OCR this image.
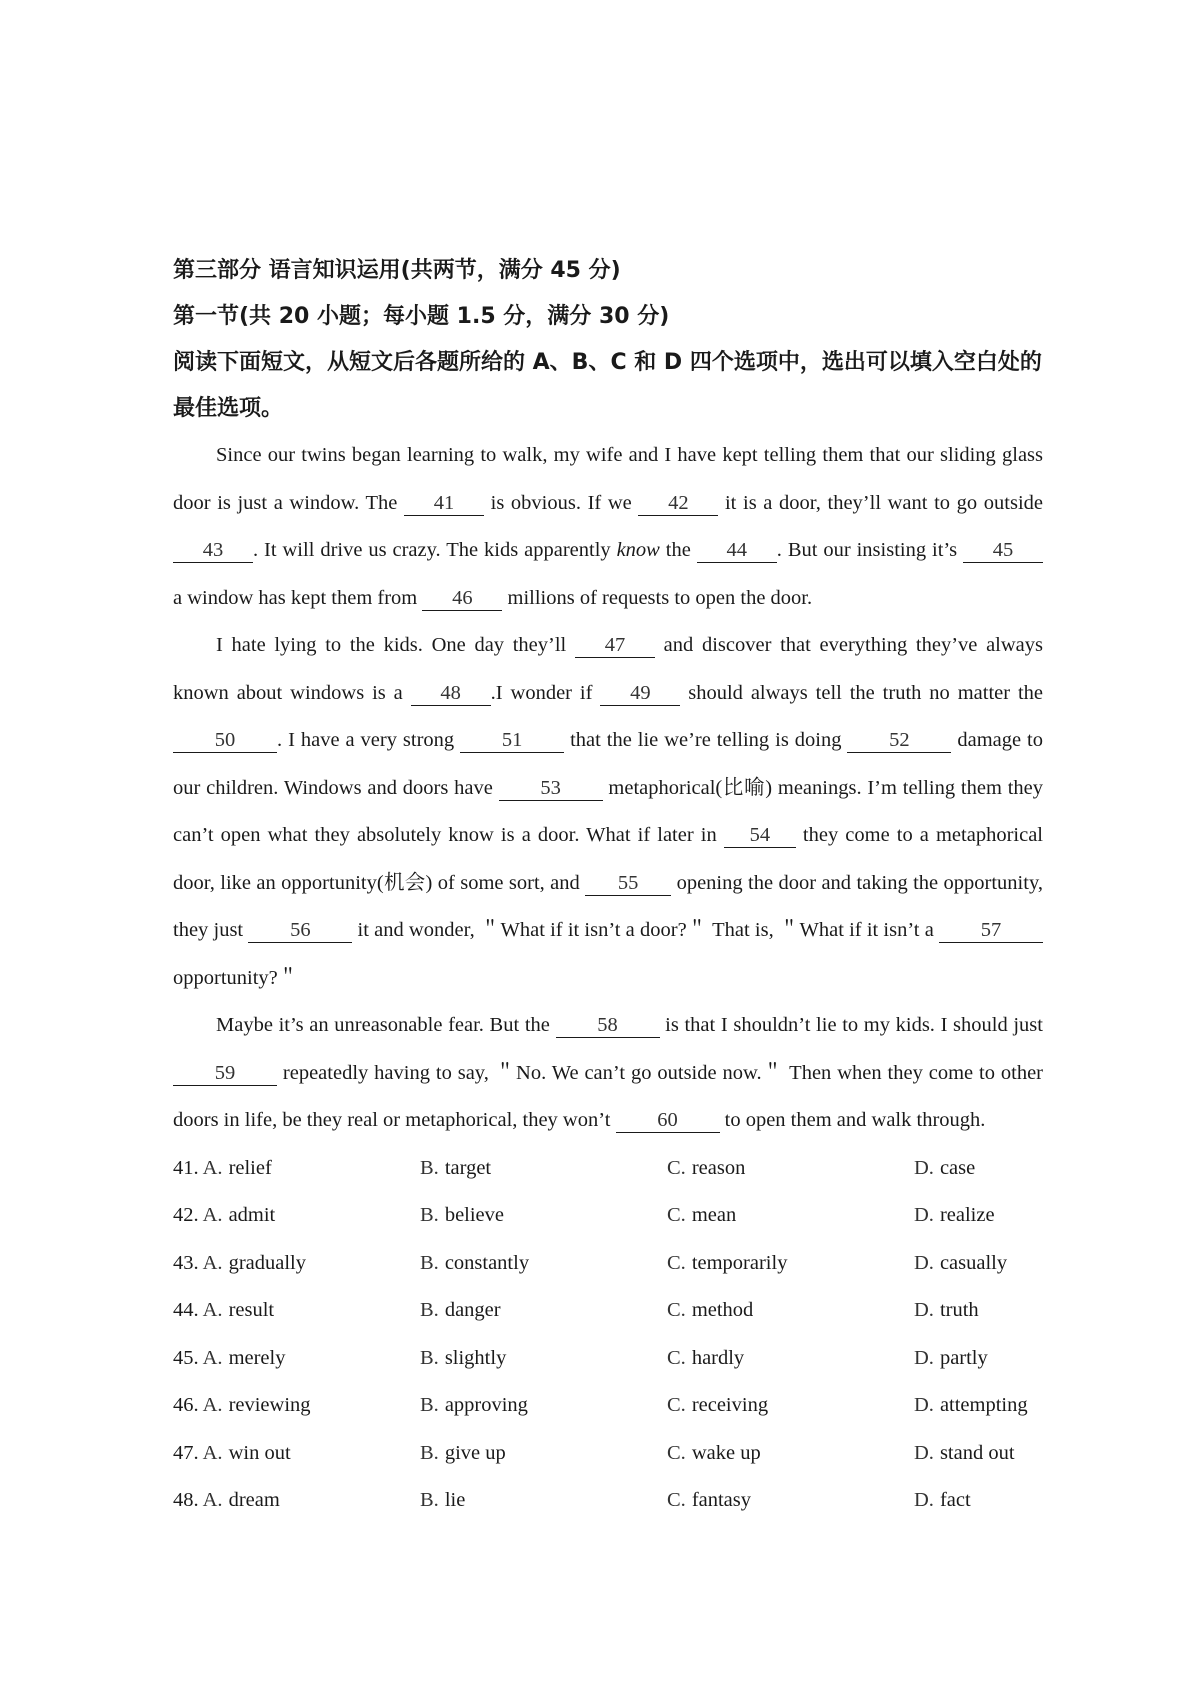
第三部分 语言知识运用(共两节，满分 45 分)

第一节(共 20 小题；每小题 1.5 分，满分 30 分)

阅读下面短文，从短文后各题所给的 A、B、C 和 D 四个选项中，选出可以填入空白处的最佳选项。

Since our twins began learning to walk, my wife and I have kept telling them that our sliding glass door is just a window. The 41 is obvious. If we 42 it is a door, they’ll want to go outside 43 . It will drive us crazy. The kids apparently know the 44 . But our insisting it’s 45 a window has kept them from 46 millions of requests to open the door.

I hate lying to the kids. One day they’ll 47 and discover that everything they’ve always known about windows is a 48 .I wonder if 49 should always tell the truth no matter the 50 . I have a very strong 51 that the lie we’re telling is doing 52 damage to our children. Windows and doors have 53 metaphorical(比喻) meanings. I’m telling them they can’t open what they absolutely know is a door. What if later in 54 they come to a metaphorical door, like an opportunity(机会) of some sort, and 55 opening the door and taking the opportunity, they just 56 it and wonder, ＂What if it isn’t a door?＂ That is, ＂What if it isn’t a 57 opportunity?＂

Maybe it’s an unreasonable fear. But the 58 is that I shouldn’t lie to my kids. I should just 59 repeatedly having to say, ＂No. We can’t go outside now.＂ Then when they come to other doors in life, be they real or metaphorical, they won’t 60 to open them and walk through.

41. A. relief	B. target	C. reason	D. case
42. A. admit	B. believe	C. mean	D. realize
43. A. gradually	B. constantly	C. temporarily	D. casually
44. A. result	B. danger	C. method	D. truth
45. A. merely	B. slightly	C. hardly	D. partly
46. A. reviewing	B. approving	C. receiving	D. attempting
47. A. win out	B. give up	C. wake up	D. stand out
48. A. dream	B. lie	C. fantasy	D. fact
